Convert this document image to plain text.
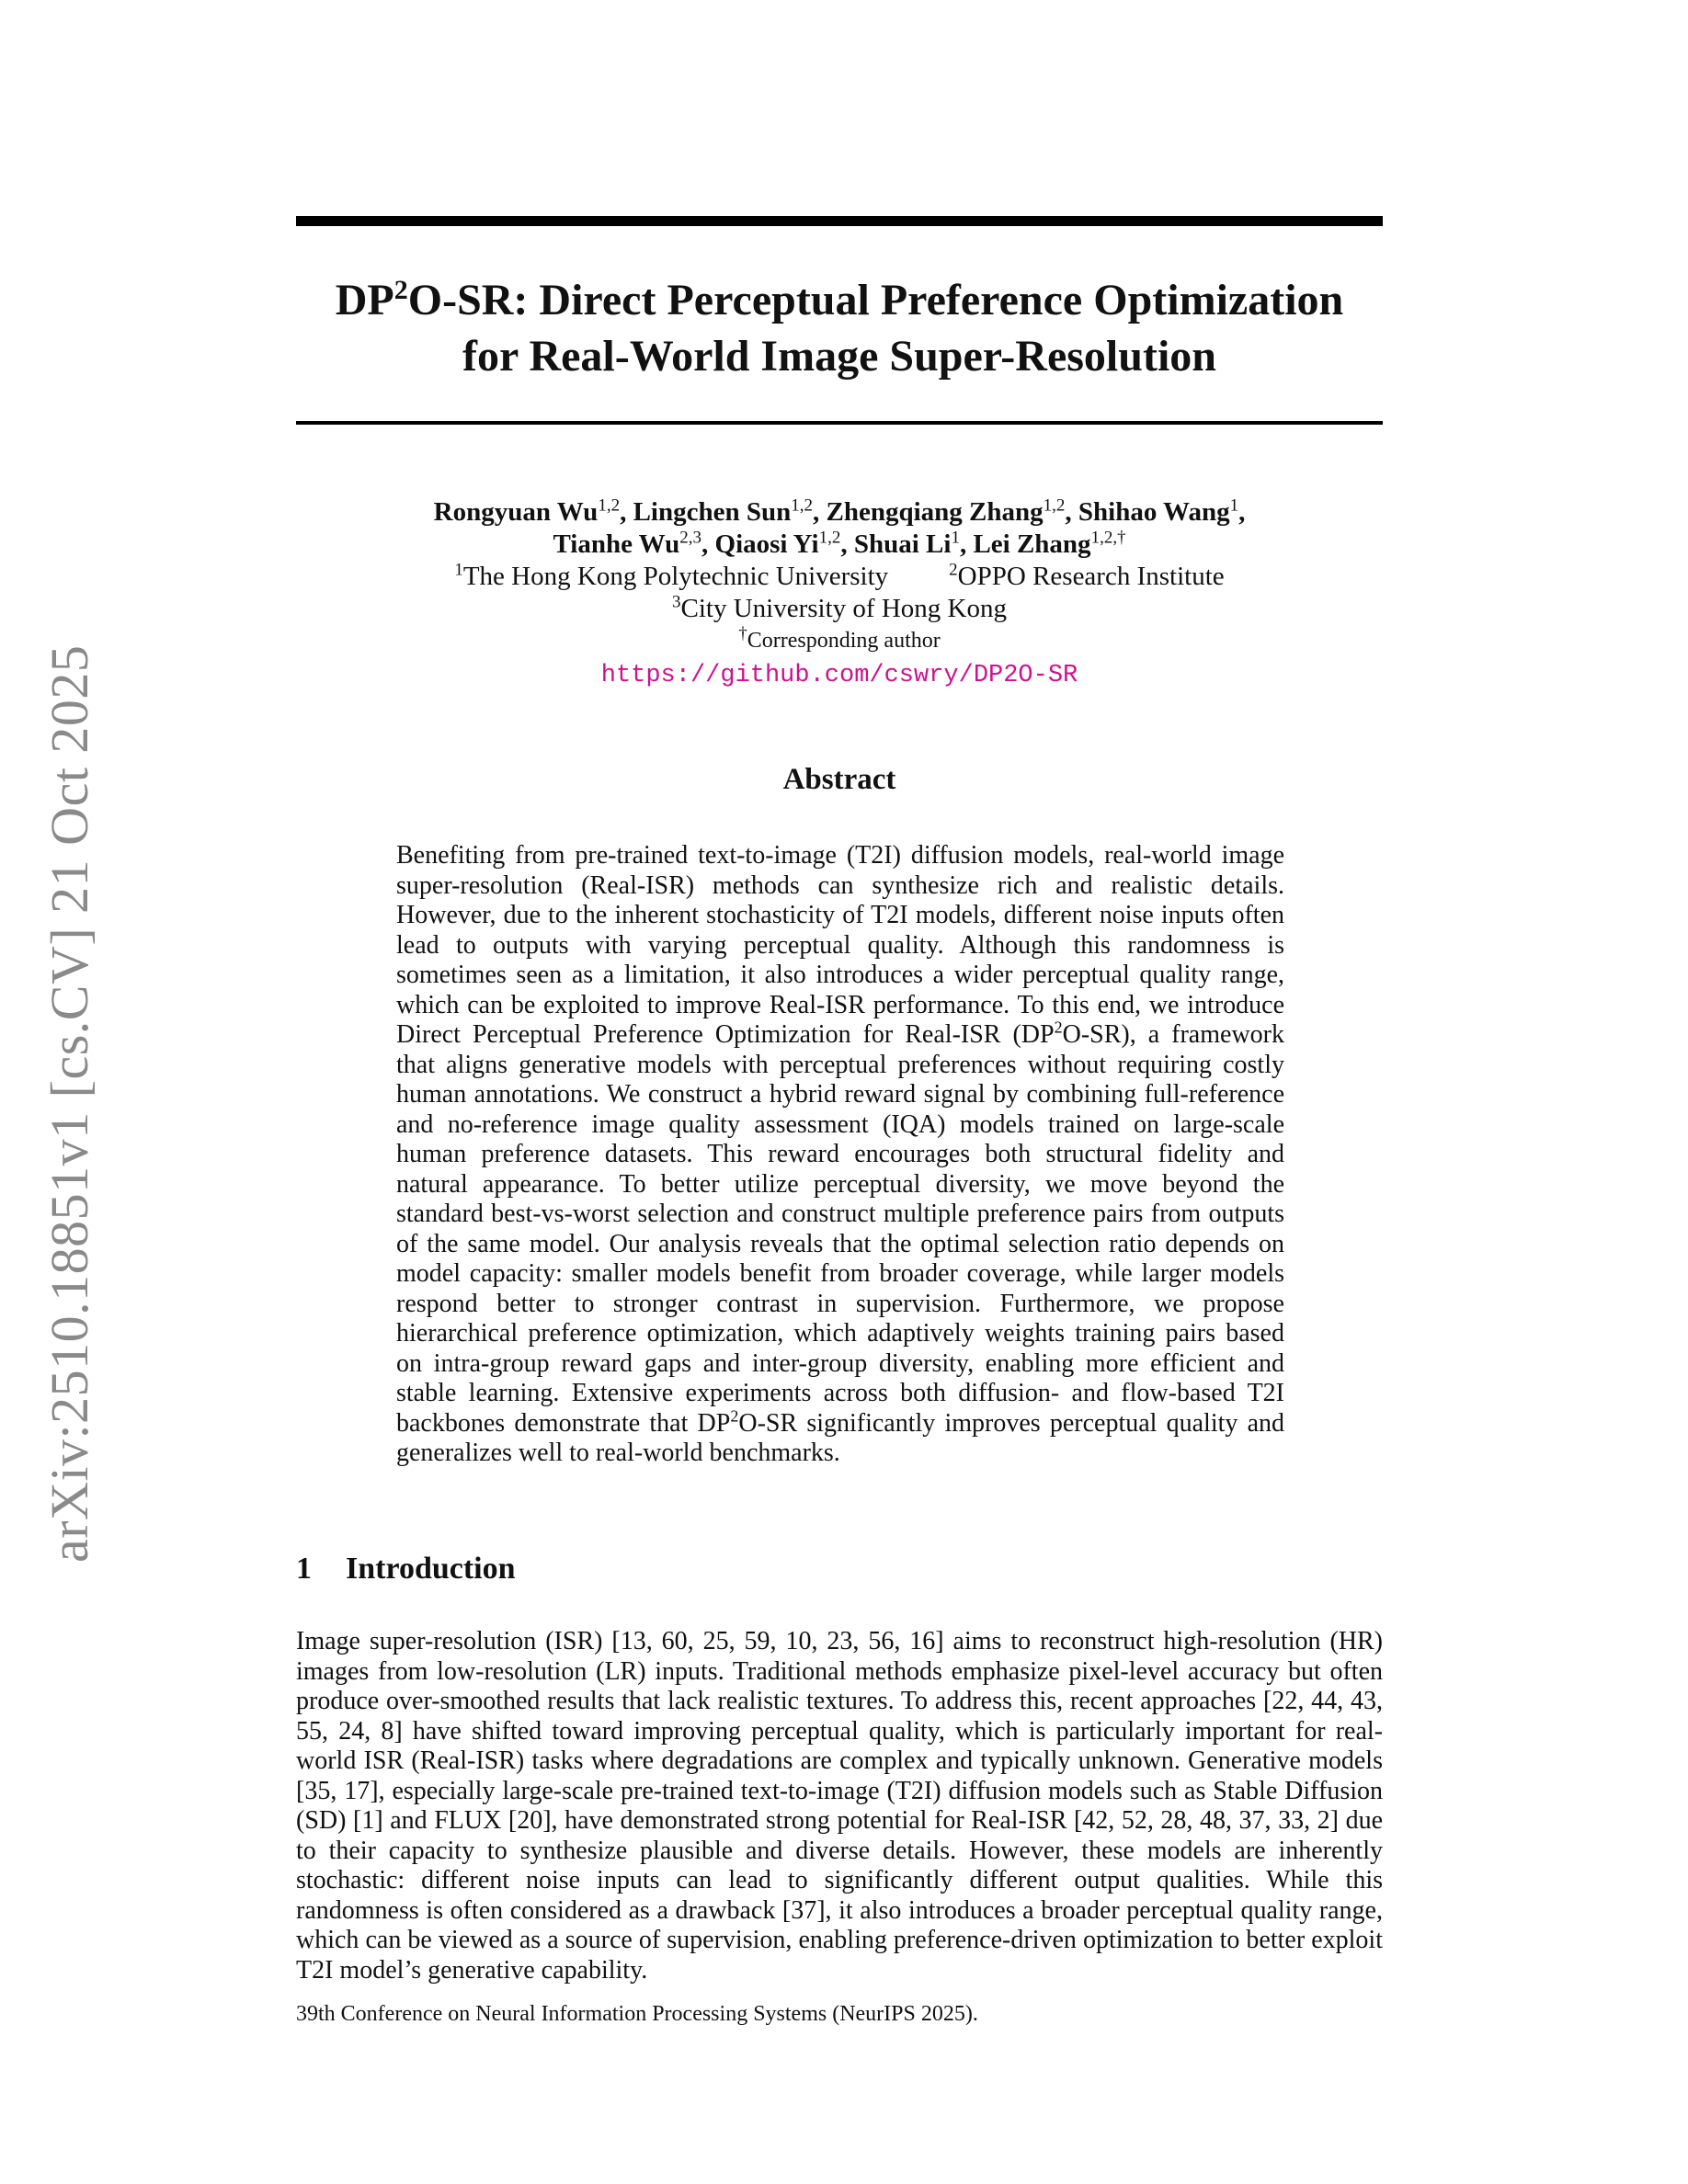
arXiv:2510.18851v1 [cs.CV] 21 Oct 2025
$DP^2O-SR$: Direct Perceptual Preference Optimization
for Real-World Image Super-Resolution
Rongyuan Wu$^{1,2}$, Lingchen Sun$^{1,2}$, Zhengqiang Zhang$^{1,2}$, Shihao Wang$^1$,
Tianhe Wu$^{2,3}$, Qiaosi Yi$^{1,2}$, Shuai Li$^1$, Lei Zhang$^{1,2,\dagger}$
$^1$The Hong Kong Polytechnic University	$^2$OPPO Research Institute
$^3$City University of Hong Kong
†Corresponding author
https://github.com/cswry/DP2O-SR
Abstract

Benefiting from pre-trained text-to-image (T2I) diffusion models, real-world image super-resolution (Real-ISR) methods can synthesize rich and realistic details. However, due to the inherent stochasticity of T2I models, different noise inputs often lead to outputs with varying perceptual quality. Although this randomness is sometimes seen as a limitation, it also introduces a wider perceptual quality range, which can be exploited to improve Real-ISR performance. To this end, we introduce Direct Perceptual Preference Optimization for Real-ISR $(DP^2O-SR)$, a framework that aligns generative models with perceptual preferences without requiring costly human annotations. We construct a hybrid reward signal by combining full-reference and no-reference image quality assessment (IQA) models trained on large-scale human preference datasets. This reward encourages both structural fidelity and natural appearance. To better utilize perceptual diversity, we move beyond the standard best-vs-worst selection and construct multiple preference pairs from outputs of the same model. Our analysis reveals that the optimal selection ratio depends on model capacity: smaller models benefit from broader coverage, while larger models respond better to stronger contrast in supervision. Furthermore, we propose hierarchical preference optimization, which adaptively weights training pairs based on intra-group reward gaps and inter-group diversity, enabling more efficient and stable learning. Extensive experiments across both diffusion- and flow-based T2I backbones demonstrate that $DP^2O-SR$ significantly improves perceptual quality and generalizes well to real-world benchmarks.

1 Introduction

Image super-resolution (ISR) [13, 60, 25, 59, 10, 23, 56, 16] aims to reconstruct high-resolution (HR) images from low-resolution (LR) inputs. Traditional methods emphasize pixel-level accuracy but often produce over-smoothed results that lack realistic textures. To address this, recent approaches [22, 44, 43, 55, 24, 8] have shifted toward improving perceptual quality, which is particularly important for real-world ISR (Real-ISR) tasks where degradations are complex and typically unknown. Generative models [35, 17], especially large-scale pre-trained text-to-image (T2I) diffusion models such as Stable Diffusion (SD) [1] and FLUX [20], have demonstrated strong potential for Real-ISR [42, 52, 28, 48, 37, 33, 2] due to their capacity to synthesize plausible and diverse details. However, these models are inherently stochastic: different noise inputs can lead to significantly different output qualities. While this randomness is often considered as a drawback [37], it also introduces a broader perceptual quality range, which can be viewed as a source of supervision, enabling preference-driven optimization to better exploit T2I model’s generative capability.

39th Conference on Neural Information Processing Systems (NeurIPS 2025).
